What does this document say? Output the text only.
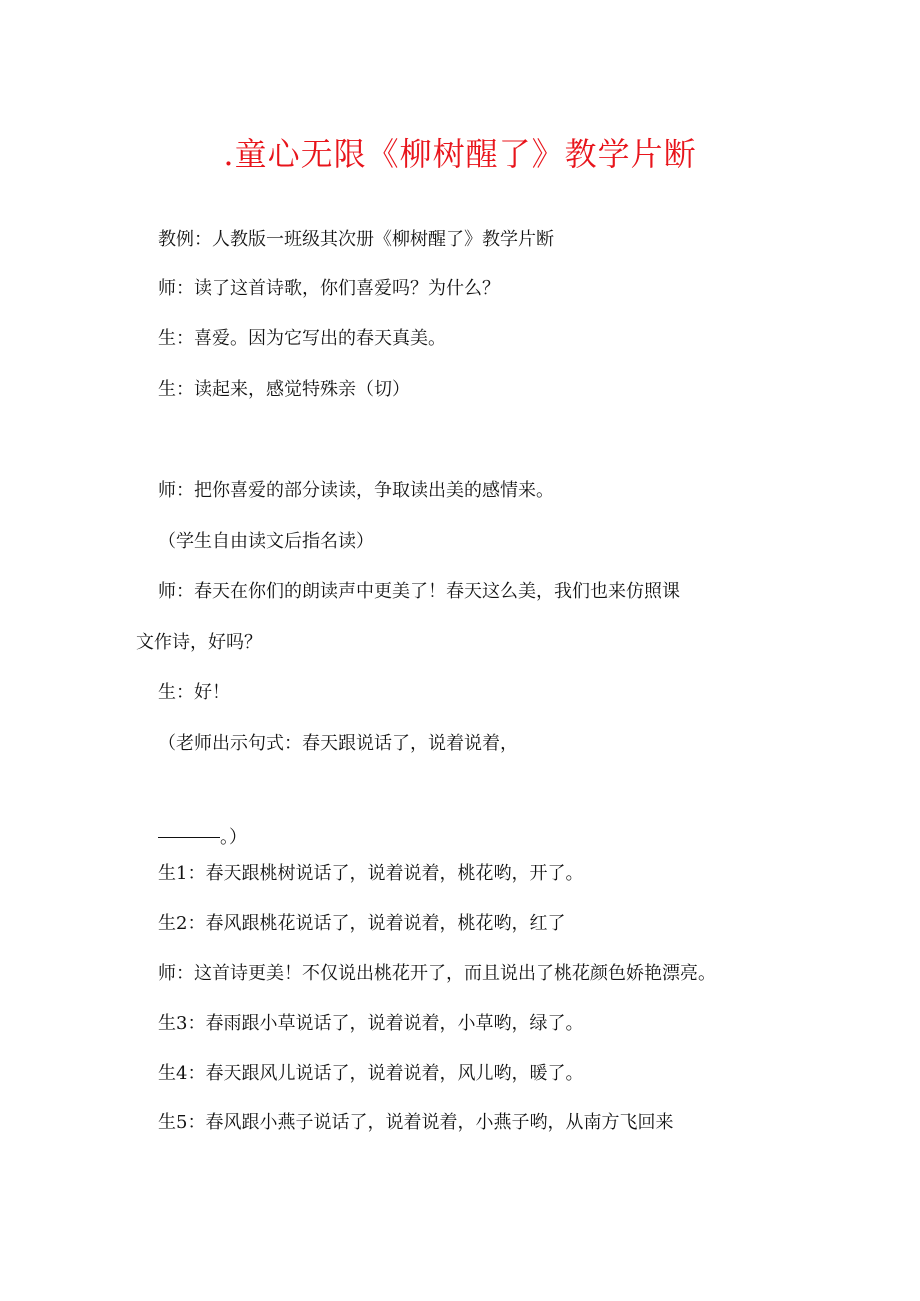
.童心无限《柳树醒了》教学片断
教例：人教版一班级其次册《柳树醒了》教学片断
师：读了这首诗歌，你们喜爱吗？为什么？
生：喜爱。因为它写出的春天真美。
生：读起来，感觉特殊亲（切）
师：把你喜爱的部分读读，争取读出美的感情来。
（学生自由读文后指名读）
师：春天在你们的朗读声中更美了！春天这么美，我们也来仿照课
文作诗，好吗？
生：好！
（老师出示句式：春天跟说话了，说着说着，
。）
生1：春天跟桃树说话了，说着说着，桃花哟，开了。
生2：春风跟桃花说话了，说着说着，桃花哟，红了
师：这首诗更美！不仅说出桃花开了，而且说出了桃花颜色娇艳漂亮。
生3：春雨跟小草说话了，说着说着，小草哟，绿了。
生4：春天跟风儿说话了，说着说着，风儿哟，暖了。
生5：春风跟小燕子说话了，说着说着，小燕子哟，从南方飞回来
